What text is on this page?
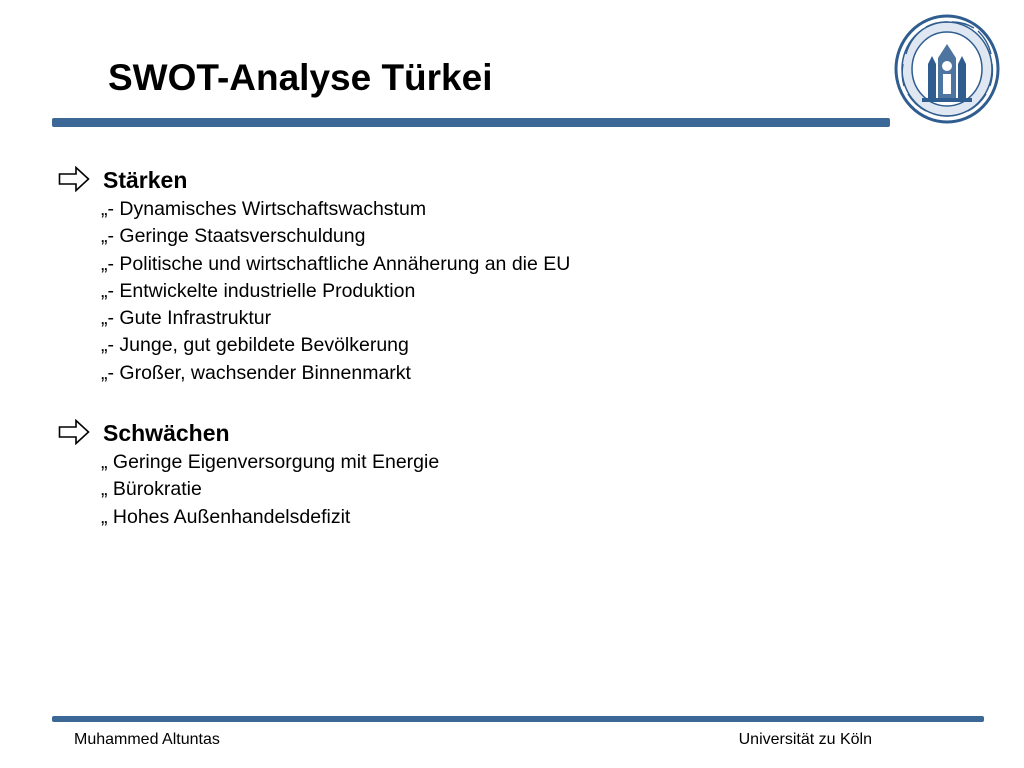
SWOT-Analyse Türkei
Stärken
„- Dynamisches Wirtschaftswachstum
„- Geringe Staatsverschuldung
„- Politische und wirtschaftliche Annäherung an die EU
„- Entwickelte industrielle Produktion
„- Gute Infrastruktur
„- Junge, gut gebildete Bevölkerung
„- Großer, wachsender Binnenmarkt
Schwächen
„ Geringe Eigenversorgung mit Energie
„ Bürokratie
„ Hohes Außenhandelsdefizit
Muhammed Altuntas	Universität zu Köln
